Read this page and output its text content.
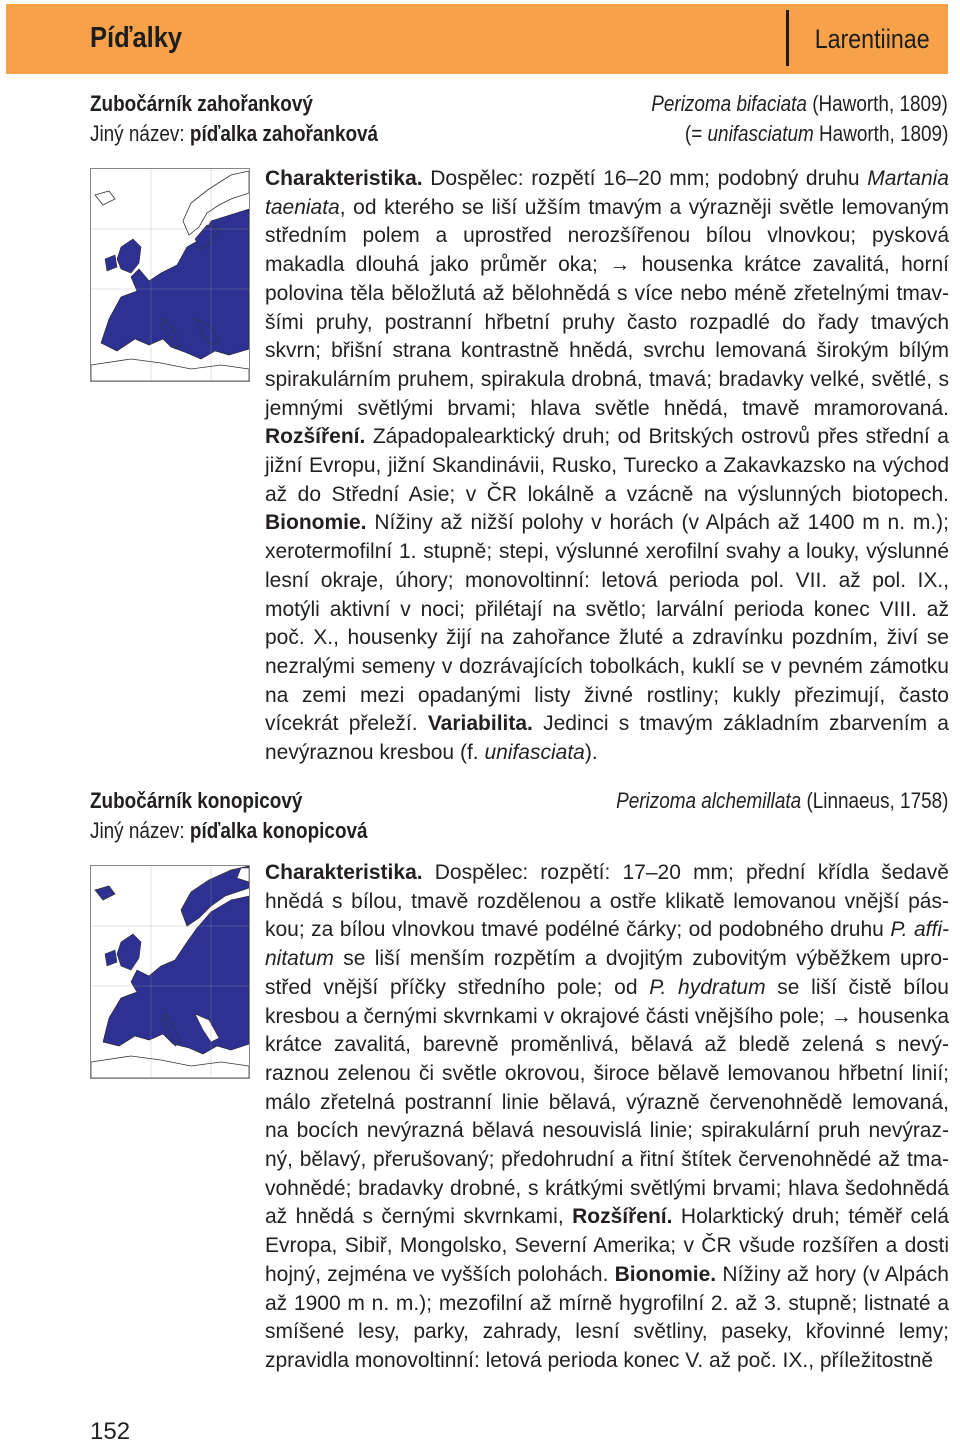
Píďalky	Larentiinae
Zubočárník zahořankový	Perizoma bifaciata (Haworth, 1809)
Jiný název: píďalka zahořanková	(= unifasciatum Haworth, 1809)

Charakteristika. Dospělec: rozpětí 16–20 mm; podobný druhu Martania taeniata, od kterého se liší užším tmavým a výrazněji světle lemovaným středním polem a uprostřed nerozšířenou bílou vlnovkou; pysková makadla dlouhá jako průměr oka; → housenka krátce zavalitá, horní polovina těla běložlutá až bělohnědá s více nebo méně zřetelnými tmavšími pruhy, postranní hřbetní pruhy často rozpadlé do řady tmavých skvrn; břišní strana kontrastně hnědá, svrchu lemovaná širokým bílým spirakulárním pruhem, spirakula drobná, tmavá; bradavky velké, světlé, s jemnými světlými brvami; hlava světle hnědá, tmavě mramorovaná. Rozšíření. Západopalearktický druh; od Britských ostrovů přes střední a jižní Evropu, jižní Skandinávii, Rusko, Turecko a Zakavkazsko na východ až do Střední Asie; v ČR lokálně a vzácně na výslunných biotopech. Bionomie. Nížiny až nižší polohy v horách (v Alpách až 1400 m n. m.); xerotermofilní 1. stupně; stepi, výslunné xerofilní svahy a louky, výslunné lesní okraje, úhory; monovoltinní: letová perioda pol. VII. až pol. IX., motýli aktivní v noci; přilétají na světlo; larvální perioda konec VIII. až poč. X., housenky žijí na zahořance žluté a zdravínku pozdním, živí se nezralými semeny v dozrávajících tobolkách, kuklí se v pevném zámotku na zemi mezi opadanými listy živné rostliny; kukly přezimují, často vícekrát přeleží. Variabilita. Jedinci s tmavým základním zbarvením a nevýraznou kresbou (f. unifasciata).

Zubočárník konopicový	Perizoma alchemillata (Linnaeus, 1758)
Jiný název: píďalka konopicová

Charakteristika. Dospělec: rozpětí: 17–20 mm; přední křídla šedavě hnědá s bílou, tmavě rozdělenou a ostře klikatě lemovanou vnější páskou; za bílou vlnovkou tmavé podélné čárky; od podobného druhu P. affinitatum se liší menším rozpětím a dvojitým zubovitým výběžkem uprostřed vnější příčky středního pole; od P. hydratum se liší čistě bílou kresbou a černými skvrnkami v okrajové části vnějšího pole; → housenka krátce zavalitá, barevně proměnlivá, bělavá až bledě zelená s nevýraznou zelenou či světle okrovou, široce bělavě lemovanou hřbetní linií; málo zřetelná postranní linie bělavá, výrazně červenohnědě lemovaná, na bocích nevýrazná bělavá nesouvislá linie; spirakulární pruh nevýrazný, bělavý, přerušovaný; předohrudní a řitní štítek červenohnědé až tmavohnědé; bradavky drobné, s krátkými světlými brvami; hlava šedohnědá až hnědá s černými skvrnkami, Rozšíření. Holarktický druh; téměř celá Evropa, Sibiř, Mongolsko, Severní Amerika; v ČR všude rozšířen a dosti hojný, zejména ve vyšších polohách. Bionomie. Nížiny až hory (v Alpách až 1900 m n. m.); mezofilní až mírně hygrofilní 2. až 3. stupně; listnaté a smíšené lesy, parky, zahrady, lesní světliny, paseky, křovinné lemy; zpravidla monovoltinní: letová perioda konec V. až poč. IX., příležitostně

152
